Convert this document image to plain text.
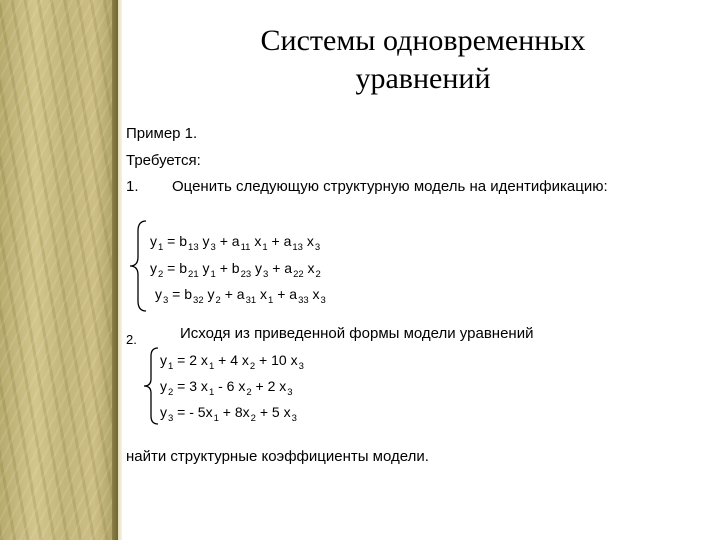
Системы одновременных
уравнений
Пример 1.
Требуется:
1. Оценить следующую структурную модель на идентификацию:
$y_1 = b_{13}$ $y_3 + a_{11}$ $x_1 + a_{13}$ $x_3$
$y_2 = b_{21}$ $y_1 + b_{23}$ $y_3 + a_{22}$ $x_2$
$y_3 = b_{32}$ $y_2 + a_{31}$ $x_1 + a_{33}$ $x_3$
2.	Исходя из приведенной формы модели уравнений
$y_1 = 2$ $x_1 + 4$ $x_2 + 10$ $x_3$
$y_2 = 3$ $x_1 - 6$ $x_2 + 2$ $x_3$
$y_3$ = - $5x_1 + 8x_2 + 5$ $x_3$
найти структурные коэффициенты модели.
